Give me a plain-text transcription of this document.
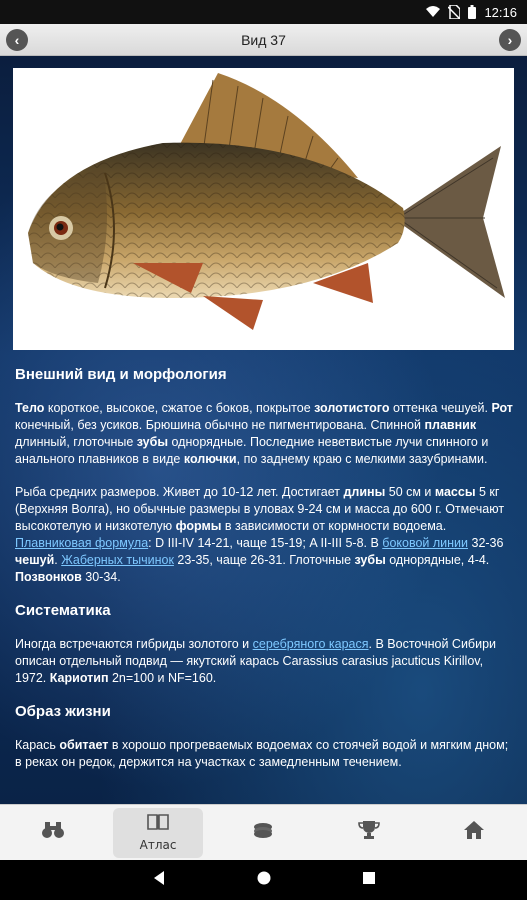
12:16
‹	Вид 37	›
Внешний вид и морфология

Тело короткое, высокое, сжатое с боков, покрытое золотистого оттенка чешуей. Рот конечный, без усиков. Брюшина обычно не пигментирована. Спинной плавник длинный, глоточные зубы однорядные. Последние неветвистые лучи спинного и анального плавников в виде колючки, по заднему краю с мелкими зазубринами.

Рыба средних размеров. Живет до 10-12 лет. Достигает длины 50 см и массы 5 кг (Верхняя Волга), но обычные размеры в уловах 9-24 см и масса до 600 г. Отмечают высокотелую и низкотелую формы в зависимости от кормности водоема. Плавниковая формула: D III-IV 14-21, чаще 15-19; A II-III 5-8. В боковой линии 32-36 чешуй. Жаберных тычинок 23-35, чаще 26-31. Глоточные зубы однорядные, 4-4. Позвонков 30-34.

Систематика

Иногда встречаются гибриды золотого и серебряного карася. В Восточной Сибири описан отдельный подвид — якутский карась Carassius carasius jacuticus Kirillov, 1972. Кариотип 2n=100 и NF=160.

Образ жизни

Карась обитает в хорошо прогреваемых водоемах со стоячей водой и мягким дном; в реках он редок, держится на участках с замедленным течением.

Атлас
